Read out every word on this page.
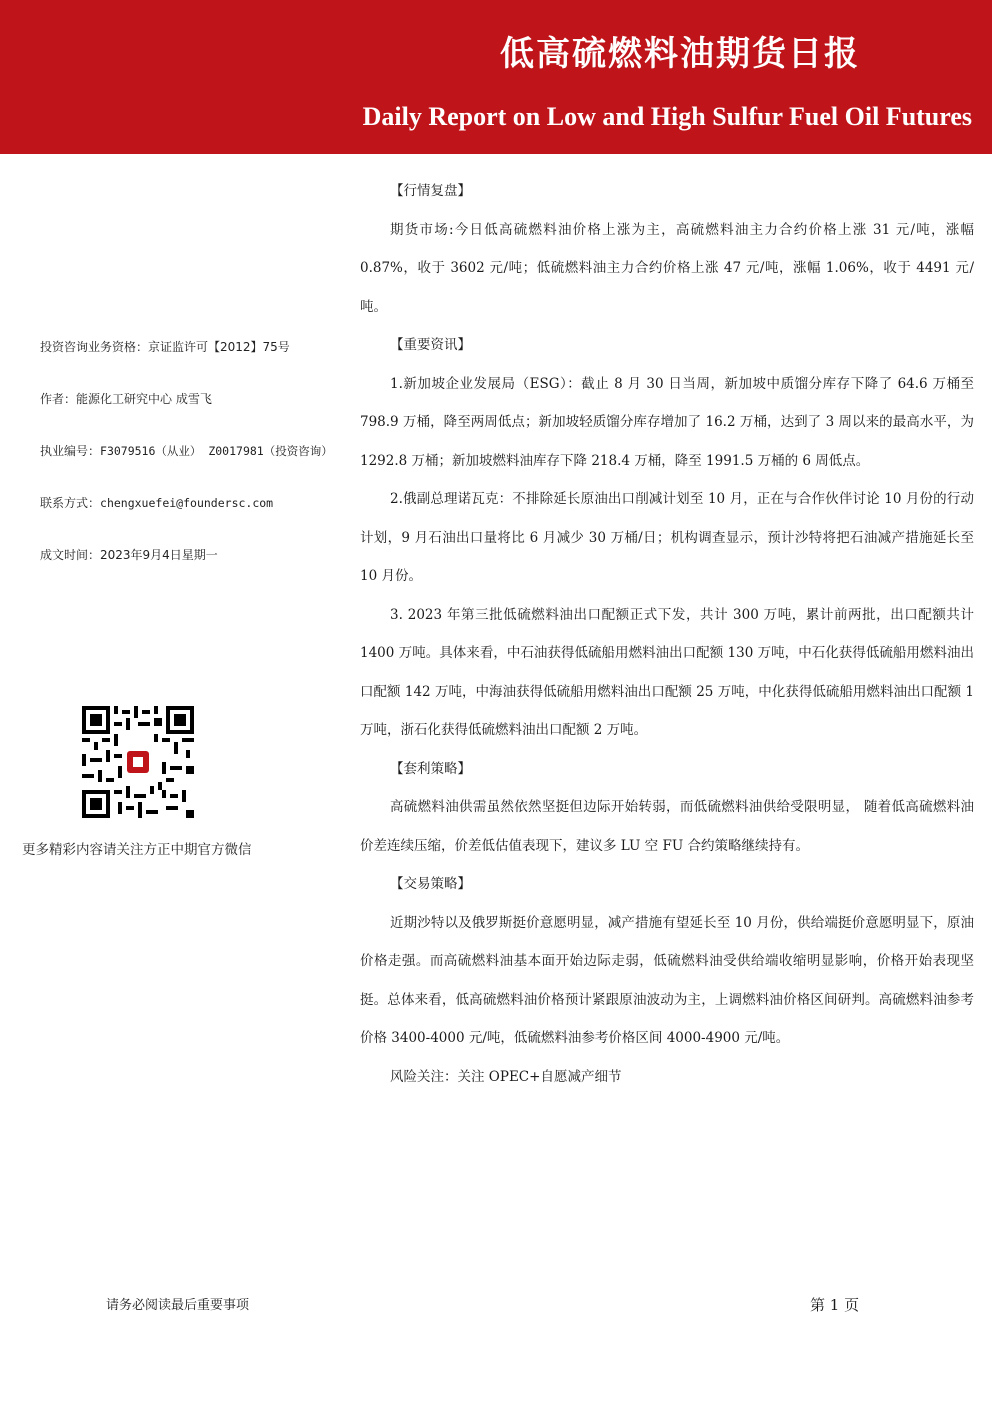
低高硫燃料油期货日报
Daily Report on Low and High Sulfur Fuel Oil Futures
投资咨询业务资格：京证监许可【2012】75号
作者：能源化工研究中心 成雪飞
执业编号：F3079516（从业） Z0017981（投资咨询）
联系方式：chengxuefei@foundersc.com
成文时间：2023年9月4日星期一
更多精彩内容请关注方正中期官方微信

【行情复盘】

期货市场:今日低高硫燃料油价格上涨为主，高硫燃料油主力合约价格上涨 31 元/吨，涨幅 0.87%，收于 3602 元/吨；低硫燃料油主力合约价格上涨 47 元/吨，涨幅 1.06%，收于 4491 元/吨。

【重要资讯】

1.新加坡企业发展局（ESG）：截止 8 月 30 日当周，新加坡中质馏分库存下降了 64.6 万桶至 798.9 万桶，降至两周低点；新加坡轻质馏分库存增加了 16.2 万桶，达到了 3 周以来的最高水平，为 1292.8 万桶；新加坡燃料油库存下降 218.4 万桶，降至 1991.5 万桶的 6 周低点。

2.俄副总理诺瓦克：不排除延长原油出口削减计划至 10 月，正在与合作伙伴讨论 10 月份的行动计划，9 月石油出口量将比 6 月减少 30 万桶/日；机构调查显示，预计沙特将把石油减产措施延长至 10 月份。

3. 2023 年第三批低硫燃料油出口配额正式下发，共计 300 万吨，累计前两批，出口配额共计 1400 万吨。具体来看，中石油获得低硫船用燃料油出口配额 130 万吨，中石化获得低硫船用燃料油出口配额 142 万吨，中海油获得低硫船用燃料油出口配额 25 万吨，中化获得低硫船用燃料油出口配额 1 万吨，浙石化获得低硫燃料油出口配额 2 万吨。

【套利策略】

高硫燃料油供需虽然依然坚挺但边际开始转弱，而低硫燃料油供给受限明显， 随着低高硫燃料油价差连续压缩，价差低估值表现下，建议多 LU 空 FU 合约策略继续持有。

【交易策略】

近期沙特以及俄罗斯挺价意愿明显，减产措施有望延长至 10 月份，供给端挺价意愿明显下，原油价格走强。而高硫燃料油基本面开始边际走弱，低硫燃料油受供给端收缩明显影响，价格开始表现坚挺。总体来看，低高硫燃料油价格预计紧跟原油波动为主，上调燃料油价格区间研判。高硫燃料油参考价格 3400-4000 元/吨，低硫燃料油参考价格区间 4000-4900 元/吨。

风险关注：关注 OPEC+自愿减产细节

请务必阅读最后重要事项	第 1 页
